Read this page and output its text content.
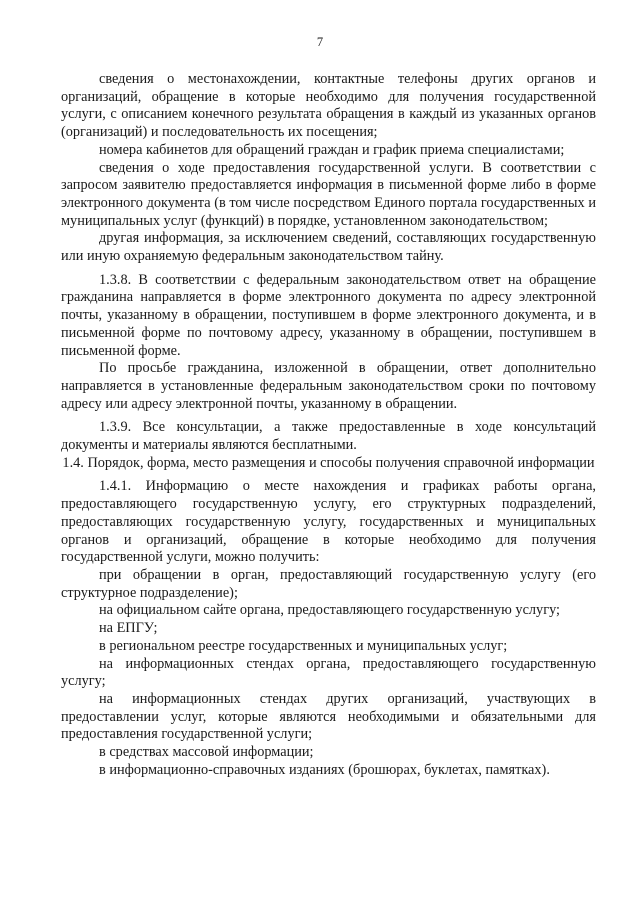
7

сведения о местонахождении, контактные телефоны других органов и организаций, обращение в которые необходимо для получения государственной услуги, с описанием конечного результата обращения в каждый из указанных органов (организаций) и последовательность их посещения;

номера кабинетов для обращений граждан и график приема специалистами;

сведения о ходе предоставления государственной услуги. В соответствии с запросом заявителю предоставляется информация в письменной форме либо в форме электронного документа (в том числе посредством Единого портала государственных и муниципальных услуг (функций) в порядке, установленном законодательством;

другая информация, за исключением сведений, составляющих государственную или иную охраняемую федеральным законодательством тайну.

1.3.8. В соответствии с федеральным законодательством ответ на обращение гражданина направляется в форме электронного документа по адресу электронной почты, указанному в обращении, поступившем в форме электронного документа, и в письменной форме по почтовому адресу, указанному в обращении, поступившем в письменной форме.

По просьбе гражданина, изложенной в обращении, ответ дополнительно направляется в установленные федеральным законодательством сроки по почтовому адресу или адресу электронной почты, указанному в обращении.

1.3.9. Все консультации, а также предоставленные в ходе консультаций документы и материалы являются бесплатными.

1.4. Порядок, форма, место размещения и способы получения справочной информации

1.4.1. Информацию о месте нахождения и графиках работы органа, предоставляющего государственную услугу, его структурных подразделений, предоставляющих государственную услугу, государственных и муниципальных органов и организаций, обращение в которые необходимо для получения государственной услуги, можно получить:

при обращении в орган, предоставляющий государственную услугу (его структурное подразделение);

на официальном сайте органа, предоставляющего государственную услугу;

на ЕПГУ;

в региональном реестре государственных и муниципальных услуг;

на информационных стендах органа, предоставляющего государственную услугу;

на информационных стендах других организаций, участвующих в предоставлении услуг, которые являются необходимыми и обязательными для предоставления государственной услуги;

в средствах массовой информации;

в информационно-справочных изданиях (брошюрах, буклетах, памятках).
